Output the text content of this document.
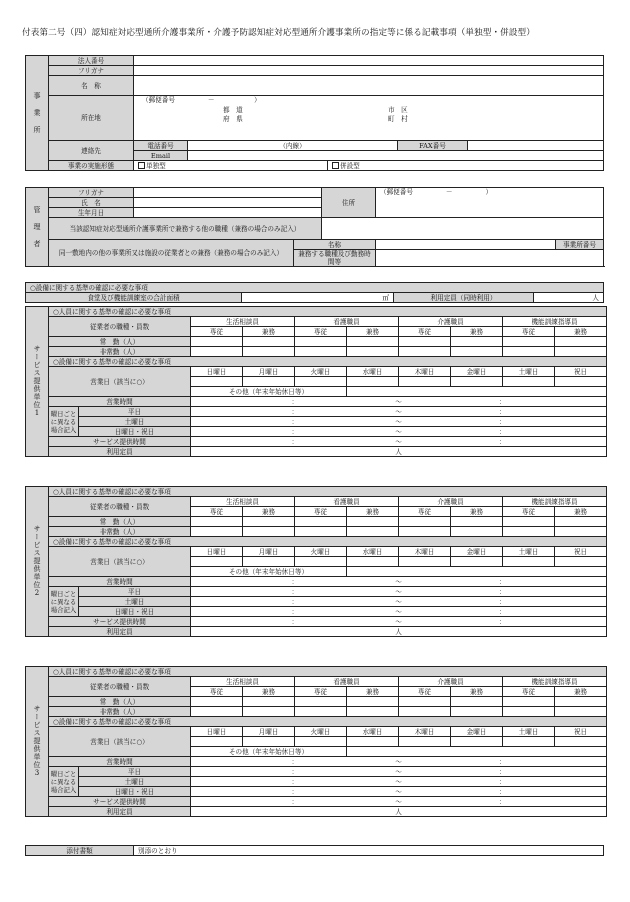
付表第二号（四）認知症対応型通所介護事業所・介護予防認知症対応型通所介護事業所の指定等に係る記載事項（単独型・併設型）
事 業 所	法人番号					
	フリガナ					
	名　称					
	所在地	（郵便番号　　　　　－　　　　　　）
都　道
府　県
市　区
町　村				

	連絡先	電話番号	（内線）		FAX番号	
		Email				
	事業の実施形態	単独型		併設型		
管 理 者	フリガナ			住所	（郵便番号　　　　　－　　　　　）		
	氏　名						
	生年月日						
	当該認知症対応型通所介護事業所で兼務する他の職種（兼務の場合のみ記入）						
	同一敷地内の他の事業所又は施設の従業者との兼務（兼務の場合のみ記入）		名称			事業所番号	
			兼務する職種及び勤務時間等				
○設備に関する基準の確認に必要な事項
食堂及び機能訓練室の合計面積	㎡	利用定員（同時利用）	人
サービス提供単位1	○人員に関する基準の確認に必要な事項									
	従業者の職種・員数		生活相談員		看護職員		介護職員		機能訓練指導員	
			専従	兼務	専従	兼務	専従	兼務	専従	兼務
	常　勤（人）									
	非常勤（人）									
	○設備に関する基準の確認に必要な事項									
	営業日（該当に○）		日曜日	月曜日	火曜日	水曜日	木曜日	金曜日	土曜日	祝日

			その他（年末年始休日等）							
	営業時間		： ～ ：							
	曜日ごとに異なる場合記入	平日	： ～ ：							
		土曜日	： ～ ：							
		日曜日・祝日	： ～ ：							
	サービス提供時間		： ～ ：							
	利用定員		人							
サービス提供単位2	○人員に関する基準の確認に必要な事項									
	従業者の職種・員数		生活相談員		看護職員		介護職員		機能訓練指導員	
			専従	兼務	専従	兼務	専従	兼務	専従	兼務
	常　勤（人）									
	非常勤（人）									
	○設備に関する基準の確認に必要な事項									
	営業日（該当に○）		日曜日	月曜日	火曜日	水曜日	木曜日	金曜日	土曜日	祝日

			その他（年末年始休日等）							
	営業時間		： ～ ：							
	曜日ごとに異なる場合記入	平日	： ～ ：							
		土曜日	： ～ ：							
		日曜日・祝日	： ～ ：							
	サービス提供時間		： ～ ：							
	利用定員		人							
サービス提供単位3	○人員に関する基準の確認に必要な事項									
	従業者の職種・員数		生活相談員		看護職員		介護職員		機能訓練指導員	
			専従	兼務	専従	兼務	専従	兼務	専従	兼務
	常　勤（人）									
	非常勤（人）									
	○設備に関する基準の確認に必要な事項									
	営業日（該当に○）		日曜日	月曜日	火曜日	水曜日	木曜日	金曜日	土曜日	祝日

			その他（年末年始休日等）							
	営業時間		： ～ ：							
	曜日ごとに異なる場合記入	平日	： ～ ：							
		土曜日	： ～ ：							
		日曜日・祝日	： ～ ：							
	サービス提供時間		： ～ ：							
	利用定員		人							
添付書類	別添のとおり
